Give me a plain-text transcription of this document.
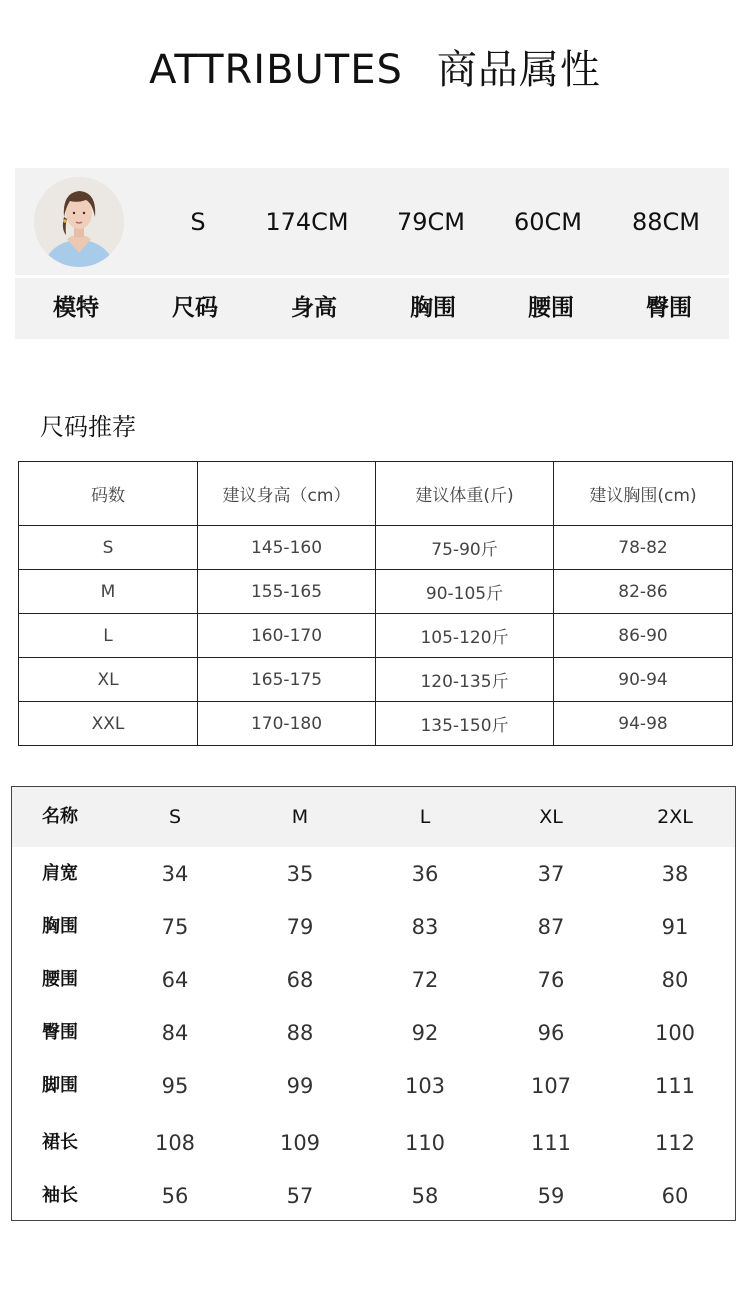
ATTRIBUTES 商品属性
S	174CM	79CM	60CM	88CM
模特	尺码	身高	胸围	腰围	臀围
尺码推荐
码数	建议身高（cm）	建议体重(斤)	建议胸围(cm)
S	145-160	75-90斤	78-82
M	155-165	90-105斤	82-86
L	160-170	105-120斤	86-90
XL	165-175	120-135斤	90-94
XXL	170-180	135-150斤	94-98
名称	S	M	L	XL	2XL
肩宽	34	35	36	37	38
胸围	75	79	83	87	91
腰围	64	68	72	76	80
臀围	84	88	92	96	100
脚围	95	99	103	107	111
裙长	108	109	110	111	112
袖长	56	57	58	59	60
